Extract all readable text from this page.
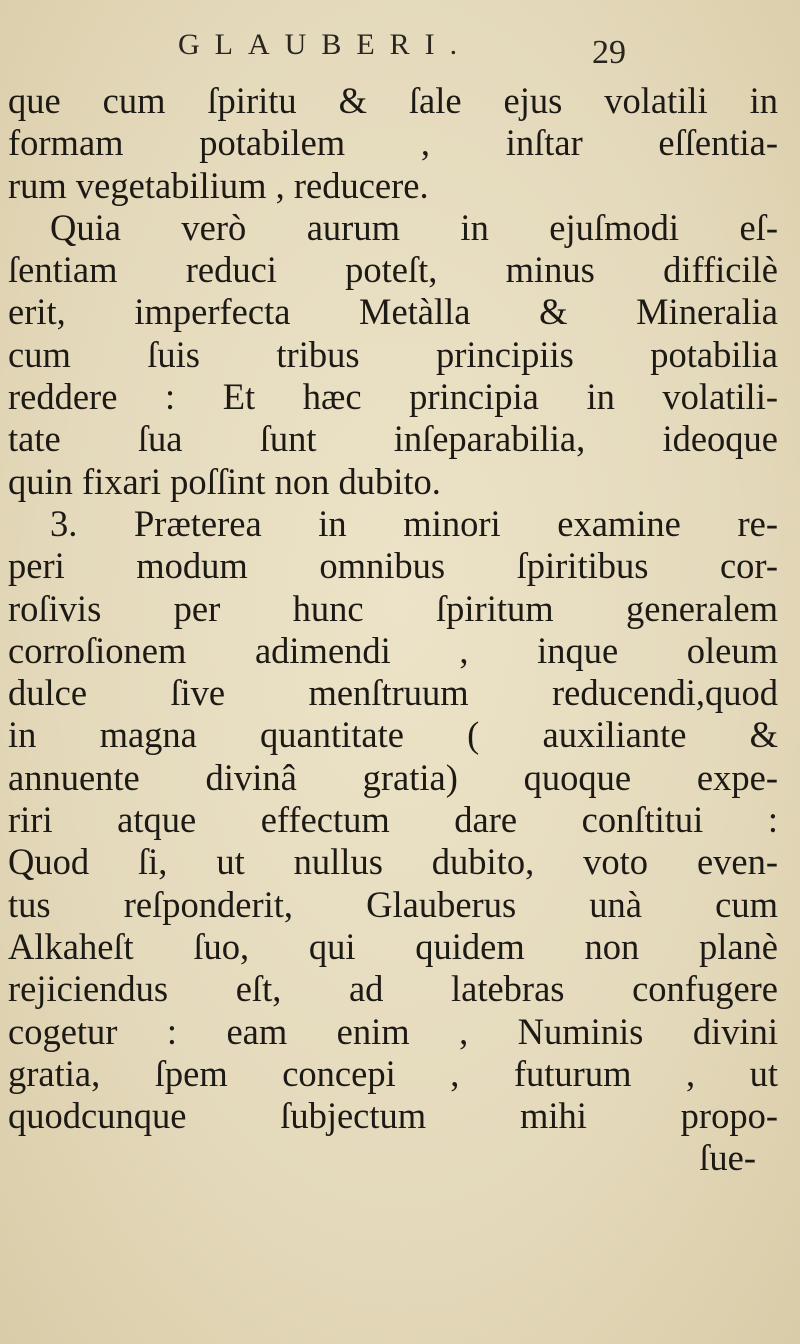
GLAUBERI.	29
que cum ſpiritu & ſale ejus volatili in
formam potabilem , inſtar eſſentia-
rum vegetabilium , reducere.
Quia verò aurum in ejuſmodi eſ-
ſentiam reduci poteſt, minus difficilè
erit, imperfecta Metàlla & Mineralia
cum ſuis tribus principiis potabilia
reddere : Et hæc principia in volatili-
tate ſua ſunt inſeparabilia, ideoque
quin fixari poſſint non dubito.
3. Præterea in minori examine re-
peri modum omnibus ſpiritibus cor-
roſivis per hunc ſpiritum generalem
corroſionem adimendi , inque oleum
dulce ſive menſtruum reducendi,quod
in magna quantitate ( auxiliante &
annuente divinâ gratia) quoque expe-
riri atque effectum dare conſtitui :
Quod ſi, ut nullus dubito, voto even-
tus reſponderit, Glauberus unà cum
Alkaheſt ſuo, qui quidem non planè
rejiciendus eſt, ad latebras confugere
cogetur : eam enim , Numinis divini
gratia, ſpem concepi , futurum , ut
quodcunque ſubjectum mihi propo-
ſue-
